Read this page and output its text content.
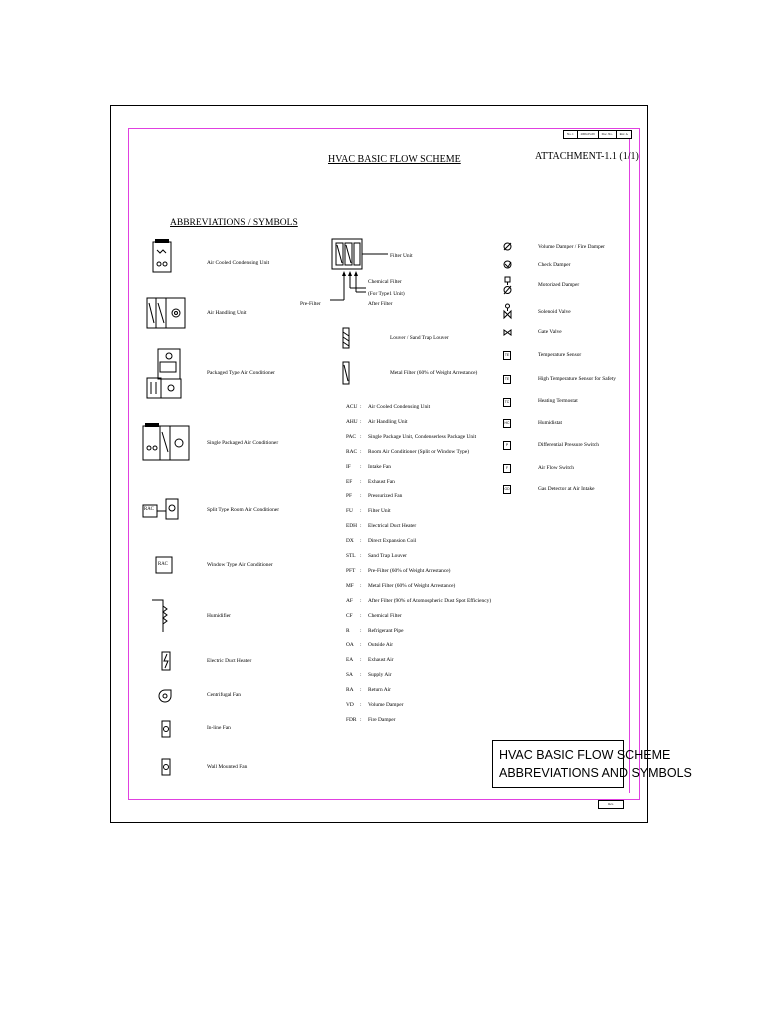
No. 1	2006-05-09	Doc. No.	Rev. A
HVAC BASIC FLOW SCHEME	ATTACHMENT-1.1 (1/1)
ABBREVIATIONS / SYMBOLS
Air Cooled Condensing Unit
Air Handling Unit
Packaged Type Air Conditioner
Single Packaged Air Conditioner
RAC	Split Type Room Air Conditioner
RAC	Window Type Air Conditioner
Humidifier
Electric Duct Heater
Centrifugal Fan
In-line Fan
Wall Mounted Fan
Filter Unit
Chemical Filter
(For Type1 Unit)
After Filter
Pre-Filter
Louver / Sand Trap Louver
Metal Filter (60% of Weight Arrestance)
ACU: Air Cooled Condensing Unit
AHU: Air Handling Unit
PAC: Single Package Unit, Condenserless Package Unit
RAC: Room Air Conditioner (Split or Window Type)
IF: Intake Fan
EF: Exhaust Fan
PF: Pressurized Fan
FU: Filter Unit
EDH: Electrical Duct Heater
DX: Direct Expansion Coil
STL: Sand Trap Louver
PFT: Pre-Filter (60% of Weight Arrestance)
MF: Metal Filter (60% of Weight Arrestance)
AF: After Filter (90% of Atomospheric Dust Spot Efficiency)
CF: Chemical Filter
R: Refrigerant Pipe
OA: Outside Air
EA: Exhaust Air
SA: Supply Air
RA: Return Air
VD: Volume Damper
FDR: Fire Damper
Volume Damper / Fire Damper
Check Damper
Motorized Damper
Solenoid Valve
Gate Valve
TE	Temperature Sensor
TE	High Temperature Sensor for Safety
TC	Heating Termostat
HC	Humidistat
P	Differential Pressure Switch
F	Air Flow Switch
GD	Gas Detector at Air Intake
HVAC BASIC FLOW SCHEME
ABBREVIATIONS AND SYMBOLS
Rev.
